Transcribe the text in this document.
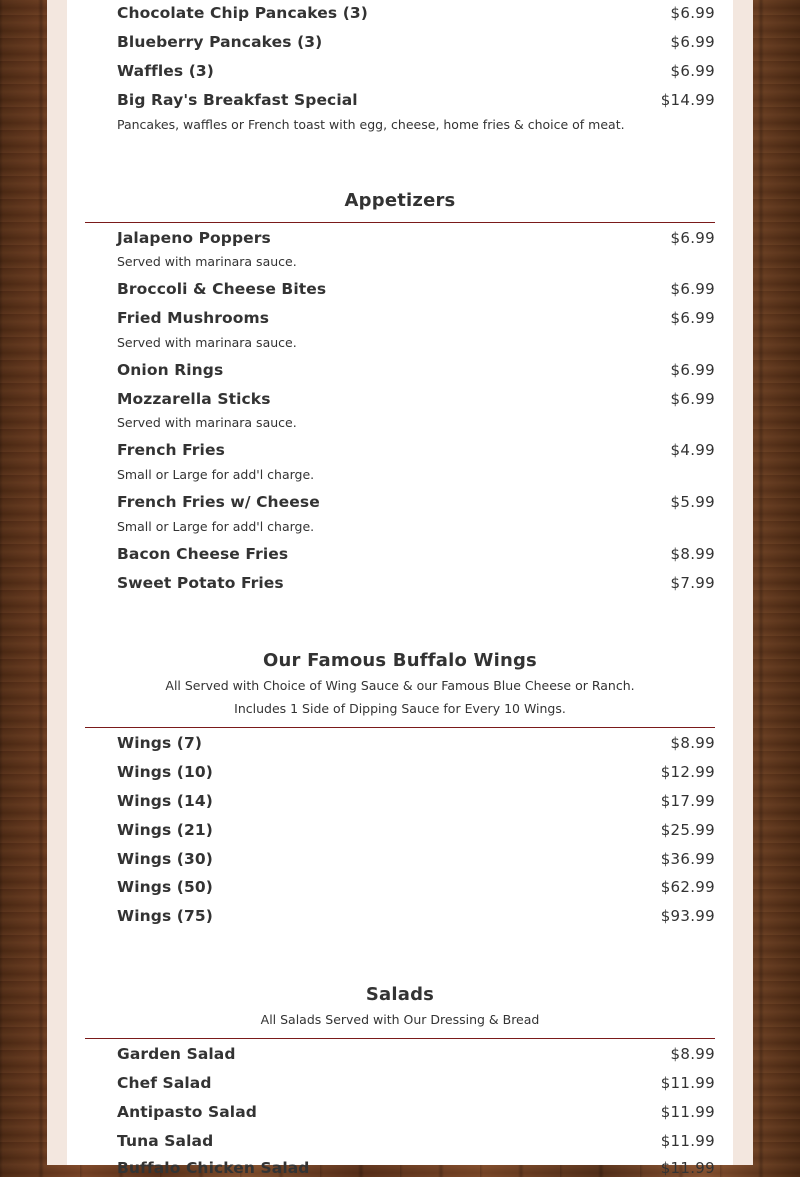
Chocolate Chip Pancakes (3)	$6.99
Blueberry Pancakes (3)	$6.99
Waffles (3)	$6.99
Big Ray's Breakfast Special	$14.99
Pancakes, waffles or French toast with egg, cheese, home fries & choice of meat.
Appetizers
Jalapeno Poppers	$6.99
Served with marinara sauce.
Broccoli & Cheese Bites	$6.99
Fried Mushrooms	$6.99
Served with marinara sauce.
Onion Rings	$6.99
Mozzarella Sticks	$6.99
Served with marinara sauce.
French Fries	$4.99
Small or Large for add'l charge.
French Fries w/ Cheese	$5.99
Small or Large for add'l charge.
Bacon Cheese Fries	$8.99
Sweet Potato Fries	$7.99
Our Famous Buffalo Wings
All Served with Choice of Wing Sauce & our Famous Blue Cheese or Ranch.
Includes 1 Side of Dipping Sauce for Every 10 Wings.
Wings (7)	$8.99
Wings (10)	$12.99
Wings (14)	$17.99
Wings (21)	$25.99
Wings (30)	$36.99
Wings (50)	$62.99
Wings (75)	$93.99
Salads
All Salads Served with Our Dressing & Bread
Garden Salad	$8.99
Chef Salad	$11.99
Antipasto Salad	$11.99
Tuna Salad	$11.99
Buffalo Chicken Salad	$11.99
